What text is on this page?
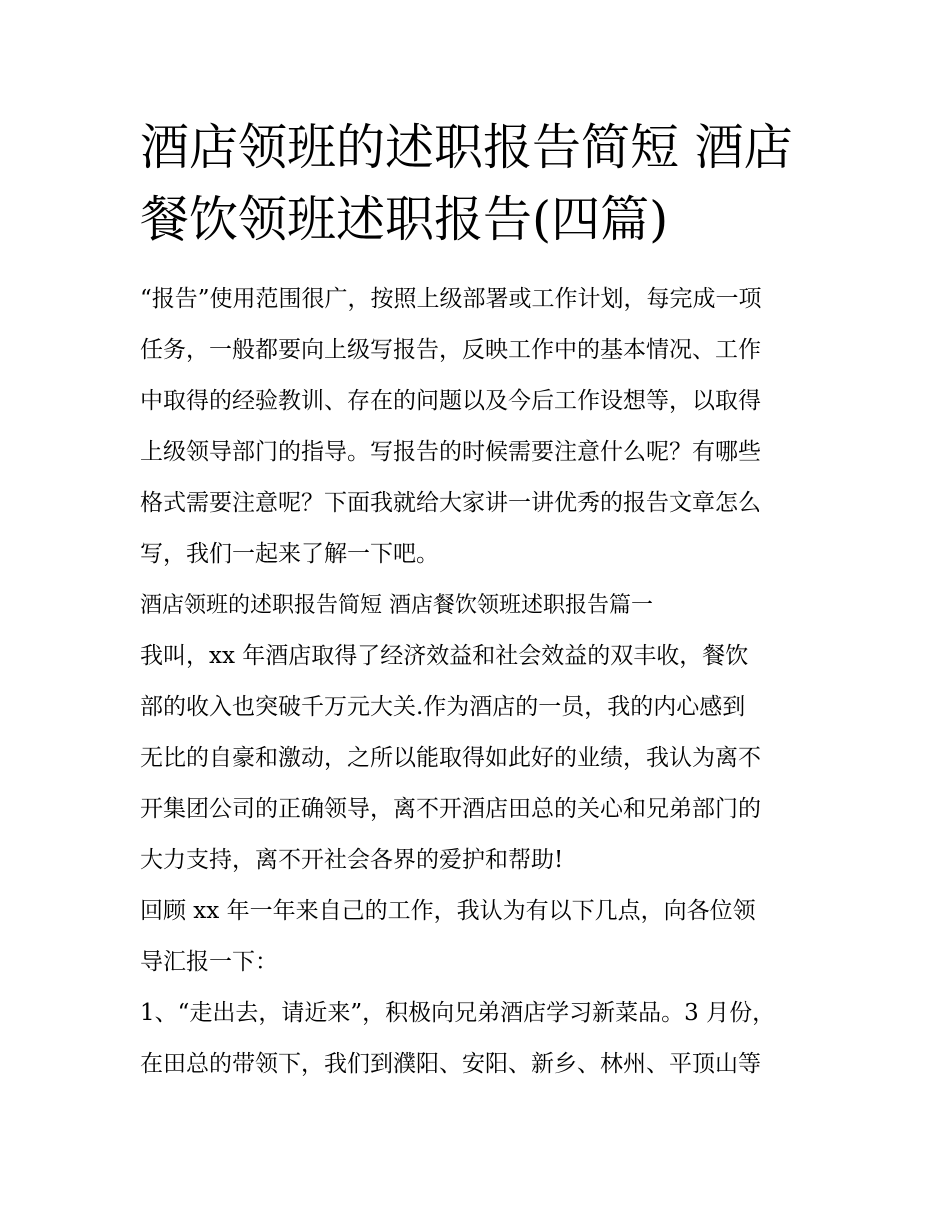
酒店领班的述职报告简短 酒店
餐饮领班述职报告(四篇)
“报告”使用范围很广，按照上级部署或工作计划，每完成一项
任务，一般都要向上级写报告，反映工作中的基本情况、工作
中取得的经验教训、存在的问题以及今后工作设想等，以取得
上级领导部门的指导。写报告的时候需要注意什么呢？有哪些
格式需要注意呢？下面我就给大家讲一讲优秀的报告文章怎么
写，我们一起来了解一下吧。
酒店领班的述职报告简短 酒店餐饮领班述职报告篇一
我叫，xx 年酒店取得了经济效益和社会效益的双丰收，餐饮
部的收入也突破千万元大关.作为酒店的一员，我的内心感到
无比的自豪和激动，之所以能取得如此好的业绩，我认为离不
开集团公司的正确领导，离不开酒店田总的关心和兄弟部门的
大力支持，离不开社会各界的爱护和帮助!
回顾 xx 年一年来自己的工作，我认为有以下几点，向各位领
导汇报一下：
1、“走出去，请近来”，积极向兄弟酒店学习新菜品。3 月份，
在田总的带领下，我们到濮阳、安阳、新乡、林州、平顶山等
